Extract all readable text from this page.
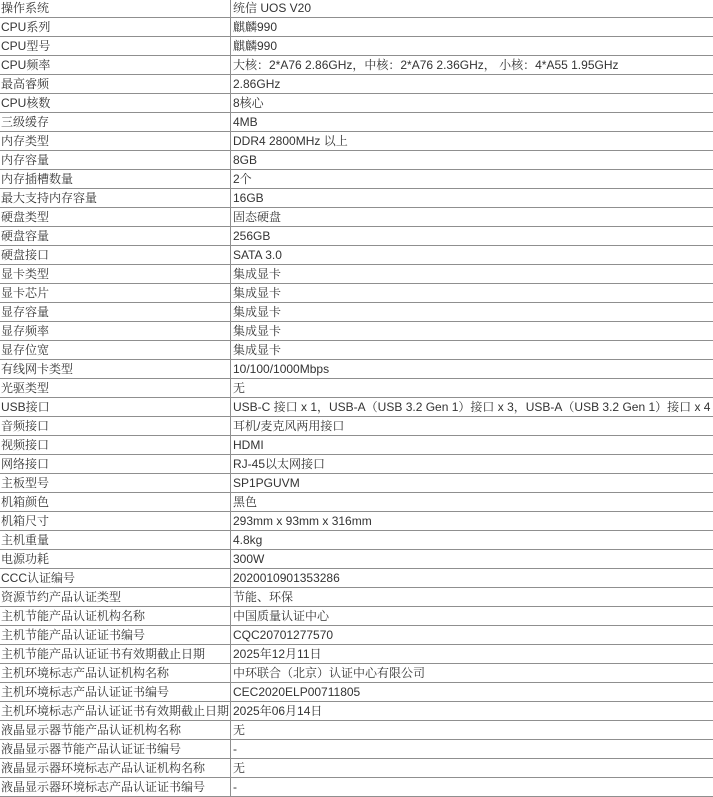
操作系统	统信 UOS V20
CPU系列	麒麟990
CPU型号	麒麟990
CPU频率	大核：2*A76 2.86GHz，中核：2*A76 2.36GHz， 小核：4*A55 1.95GHz
最高睿频	2.86GHz
CPU核数	8核心
三级缓存	4MB
内存类型	DDR4 2800MHz 以上
内存容量	8GB
内存插槽数量	2个
最大支持内存容量	16GB
硬盘类型	固态硬盘
硬盘容量	256GB
硬盘接口	SATA 3.0
显卡类型	集成显卡
显卡芯片	集成显卡
显存容量	集成显卡
显存频率	集成显卡
显存位宽	集成显卡
有线网卡类型	10/100/1000Mbps
光驱类型	无
USB接口	USB-C 接口 x 1，USB-A（USB 3.2 Gen 1）接口 x 3，USB-A（USB 3.2 Gen 1）接口 x 4
音频接口	耳机/麦克风两用接口
视频接口	HDMI
网络接口	RJ-45以太网接口
主板型号	SP1PGUVM
机箱颜色	黑色
机箱尺寸	293mm x 93mm x 316mm
主机重量	4.8kg
电源功耗	300W
CCC认证编号	2020010901353286
资源节约产品认证类型	节能、环保
主机节能产品认证机构名称	中国质量认证中心
主机节能产品认证证书编号	CQC20701277570
主机节能产品认证证书有效期截止日期	2025年12月11日
主机环境标志产品认证机构名称	中环联合（北京）认证中心有限公司
主机环境标志产品认证证书编号	CEC2020ELP00711805
主机环境标志产品认证证书有效期截止日期	2025年06月14日
液晶显示器节能产品认证机构名称	无
液晶显示器节能产品认证证书编号	-
液晶显示器环境标志产品认证机构名称	无
液晶显示器环境标志产品认证证书编号	-
